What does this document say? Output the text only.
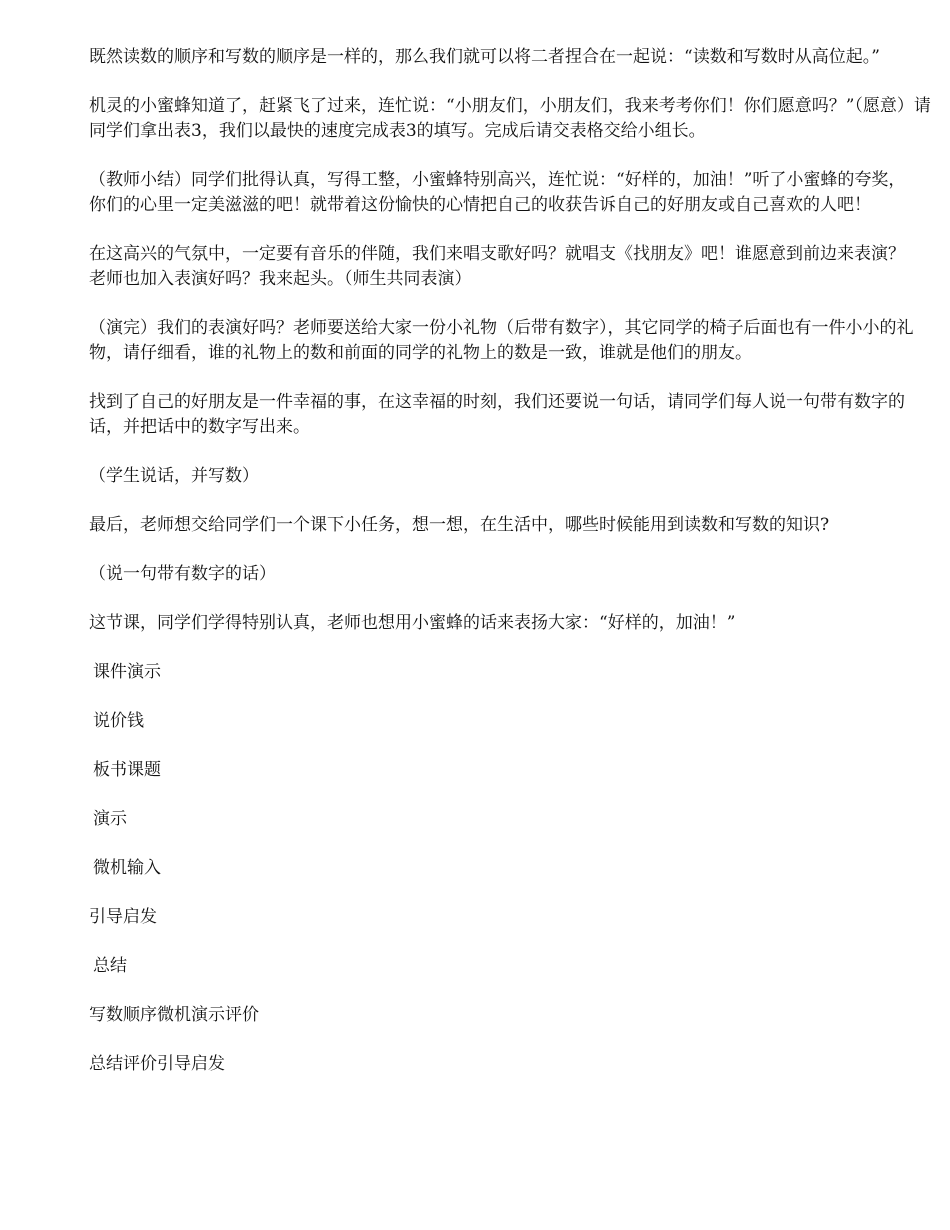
既然读数的顺序和写数的顺序是一样的，那么我们就可以将二者捏合在一起说：“读数和写数时从高位起。”

机灵的小蜜蜂知道了，赶紧飞了过来，连忙说：“小朋友们，小朋友们，我来考考你们！你们愿意吗？”（愿意）请同学们拿出表3，我们以最快的速度完成表3的填写。完成后请交表格交给小组长。

（教师小结）同学们批得认真，写得工整，小蜜蜂特别高兴，连忙说：“好样的，加油！”听了小蜜蜂的夸奖，你们的心里一定美滋滋的吧！就带着这份愉快的心情把自己的收获告诉自己的好朋友或自己喜欢的人吧！

在这高兴的气氛中，一定要有音乐的伴随，我们来唱支歌好吗？就唱支《找朋友》吧！谁愿意到前边来表演？老师也加入表演好吗？我来起头。（师生共同表演）

（演完）我们的表演好吗？老师要送给大家一份小礼物（后带有数字），其它同学的椅子后面也有一件小小的礼物，请仔细看，谁的礼物上的数和前面的同学的礼物上的数是一致，谁就是他们的朋友。

找到了自己的好朋友是一件幸福的事，在这幸福的时刻，我们还要说一句话，请同学们每人说一句带有数字的话，并把话中的数字写出来。

（学生说话，并写数）

最后，老师想交给同学们一个课下小任务，想一想，在生活中，哪些时候能用到读数和写数的知识?

（说一句带有数字的话）

这节课，同学们学得特别认真，老师也想用小蜜蜂的话来表扬大家：“好样的，加油！”

课件演示

说价钱

板书课题

演示

微机输入

引导启发

总结

写数顺序微机演示评价

总结评价引导启发
